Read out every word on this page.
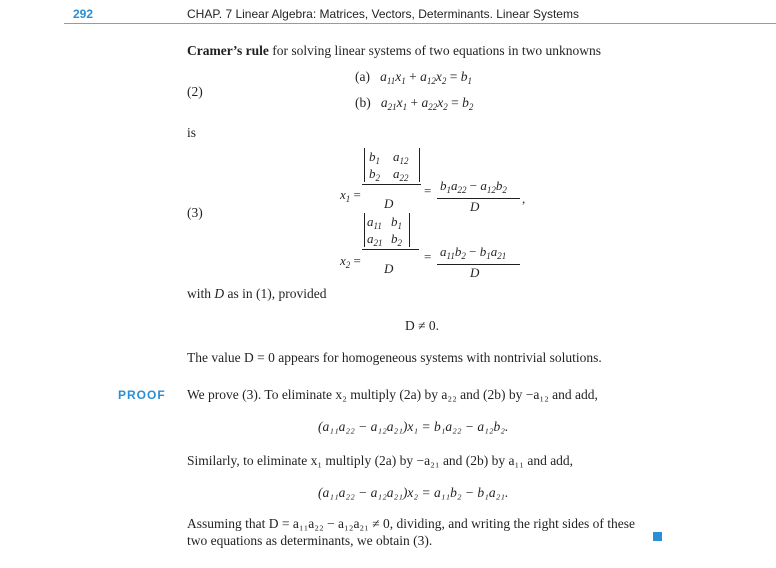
292	CHAP. 7 Linear Algebra: Matrices, Vectors, Determinants. Linear Systems
Cramer’s rule for solving linear systems of two equations in two unknowns
(2)
(a)   $a_{11}x_1 + a_{12}x_2 = b_1$
(b)   $a_{21}x_1 + a_{22}x_2 = b_2$
is
(3)
$x_1$ =
$b_1$ $a_{12}$
$b_2$ $a_{22}$
D
= $b_1a_{22} - a_{12}b_2$
D
,
$x_2$ =
$a_{11}$ $b_1$
$a_{21}$ $b_2$
D
= $a_{11}b_2 - b_1a_{21}$
D
with D as in (1), provided
D ≠ 0.
The value D = 0 appears for homogeneous systems with nontrivial solutions.
PROOF We prove (3). To eliminate x₂ multiply (2a) by a₂₂ and (2b) by −a₁₂ and add,
(a₁₁a₂₂ − a₁₂a₂₁)x₁ = b₁a₂₂ − a₁₂b₂.
Similarly, to eliminate x₁ multiply (2a) by −a₂₁ and (2b) by a₁₁ and add,
(a₁₁a₂₂ − a₁₂a₂₁)x₂ = a₁₁b₂ − b₁a₂₁.
Assuming that D = a₁₁a₂₂ − a₁₂a₂₁ ≠ 0, dividing, and writing the right sides of these
two equations as determinants, we obtain (3).
